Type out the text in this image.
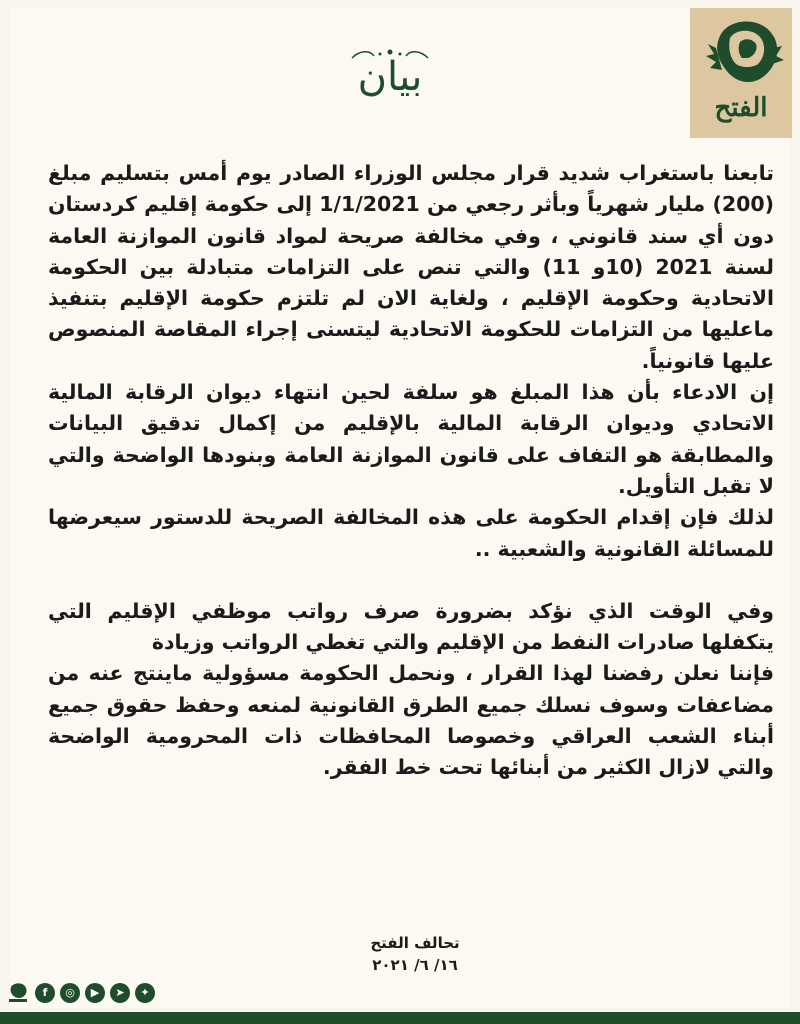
الفتح
بيان

تابعنا باستغراب شديد قرار مجلس الوزراء الصادر يوم أمس بتسليم مبلغ (200) مليار شهرياً وبأثر رجعي من 1/1/2021 إلى حكومة إقليم كردستان دون أي سند قانوني ، وفي مخالفة صريحة لمواد قانون الموازنة العامة لسنة 2021 (10و 11) والتي تنص على التزامات متبادلة بين الحكومة الاتحادية وحكومة الإقليم ، ولغاية الان لم تلتزم حكومة الإقليم بتنفيذ ماعليها من التزامات للحكومة الاتحادية ليتسنى إجراء المقاصة المنصوص عليها قانونياً.

إن الادعاء بأن هذا المبلغ هو سلفة لحين انتهاء ديوان الرقابة المالية الاتحادي وديوان الرقابة المالية بالإقليم من إكمال تدقيق البيانات والمطابقة هو التفاف على قانون الموازنة العامة وبنودها الواضحة والتي لا تقبل التأويل.

لذلك فإن إقدام الحكومة على هذه المخالفة الصريحة للدستور سيعرضها للمسائلة القانونية والشعبية ..

وفي الوقت الذي نؤكد بضرورة صرف رواتب موظفي الإقليم التي يتكفلها صادرات النفط من الإقليم والتي تغطي الرواتب وزيادة

فإننا نعلن رفضنا لهذا القرار ، ونحمل الحكومة مسؤولية ماينتج عنه من مضاعفات وسوف نسلك جميع الطرق القانونية لمنعه وحفظ حقوق جميع أبناء الشعب العراقي وخصوصا المحافظات ذات المحرومية الواضحة والتي لازال الكثير من أبنائها تحت خط الفقر.

تحالف الفتح
١٦/ ٦/ ٢٠٢١
f	◎	▶	➤	✦
